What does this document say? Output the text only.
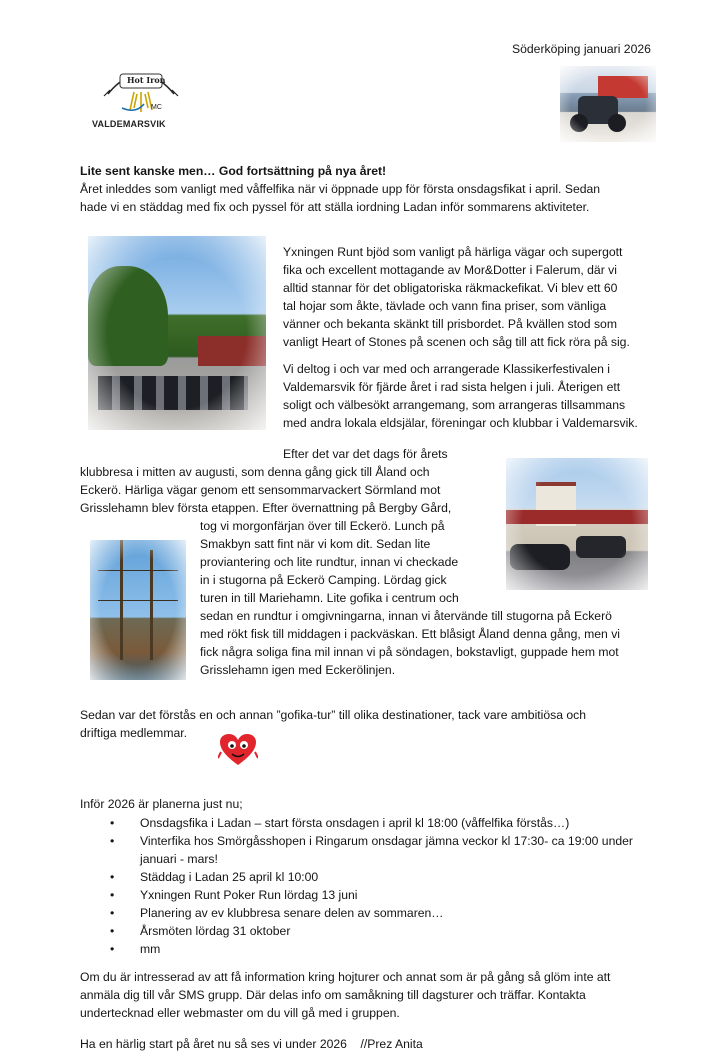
Söderköping januari 2026
Hot Iron
MC
VALDEMARSVIK
Lite sent kanske men… God fortsättning på nya året!
Året inleddes som vanligt med våffelfika när vi öppnade upp för första onsdagsfikat i april. Sedan
hade vi en städdag med fix och pyssel för att ställa iordning Ladan inför sommarens aktiviteter.
Yxningen Runt bjöd som vanligt på härliga vägar och supergott
fika och excellent mottagande av Mor&Dotter i Falerum, där vi
alltid stannar för det obligatoriska räkmackefikat. Vi blev ett 60
tal hojar som åkte, tävlade och vann fina priser, som vänliga
vänner och bekanta skänkt till prisbordet. På kvällen stod som
vanligt Heart of Stones på scenen och såg till att fick röra på sig.
Vi deltog i och var med och arrangerade Klassikerfestivalen i
Valdemarsvik för fjärde året i rad sista helgen i juli. Återigen ett
soligt och välbesökt arrangemang, som arrangeras tillsammans
med andra lokala eldsjälar, föreningar och klubbar i Valdemarsvik.
Efter det var det dags för årets
klubbresa i mitten av augusti, som denna gång gick till Åland och
Eckerö. Härliga vägar genom ett sensommarvackert Sörmland mot
Grisslehamn blev första etappen. Efter övernattning på Bergby Gård,
tog vi morgonfärjan över till Eckerö. Lunch på
Smakbyn satt fint när vi kom dit. Sedan lite
proviantering och lite rundtur, innan vi checkade
in i stugorna på Eckerö Camping. Lördag gick
turen in till Mariehamn. Lite gofika i centrum och
sedan en rundtur i omgivningarna, innan vi återvände till stugorna på Eckerö
med rökt fisk till middagen i packväskan. Ett blåsigt Åland denna gång, men vi
fick några soliga fina mil innan vi på söndagen, bokstavligt, guppade hem mot
Grisslehamn igen med Eckerölinjen.
Sedan var det förstås en och annan ”gofika-tur” till olika destinationer, tack vare ambitiösa och
driftiga medlemmar.
Inför 2026 är planerna just nu;
• Onsdagsfika i Ladan – start första onsdagen i april kl 18:00 (våffelfika förstås…)
• Vinterfika hos Smörgåsshopen i Ringarum onsdagar jämna veckor kl 17:30- ca 19:00 under
januari - mars!
• Städdag i Ladan 25 april kl 10:00
• Yxningen Runt Poker Run lördag 13 juni
• Planering av ev klubbresa senare delen av sommaren…
• Årsmöten lördag 31 oktober
• mm
Om du är intresserad av att få information kring hojturer och annat som är på gång så glöm inte att
anmäla dig till vår SMS grupp. Där delas info om samåkning till dagsturer och träffar. Kontakta
undertecknad eller webmaster om du vill gå med i gruppen.
Ha en härlig start på året nu så ses vi under 2026    //Prez Anita
